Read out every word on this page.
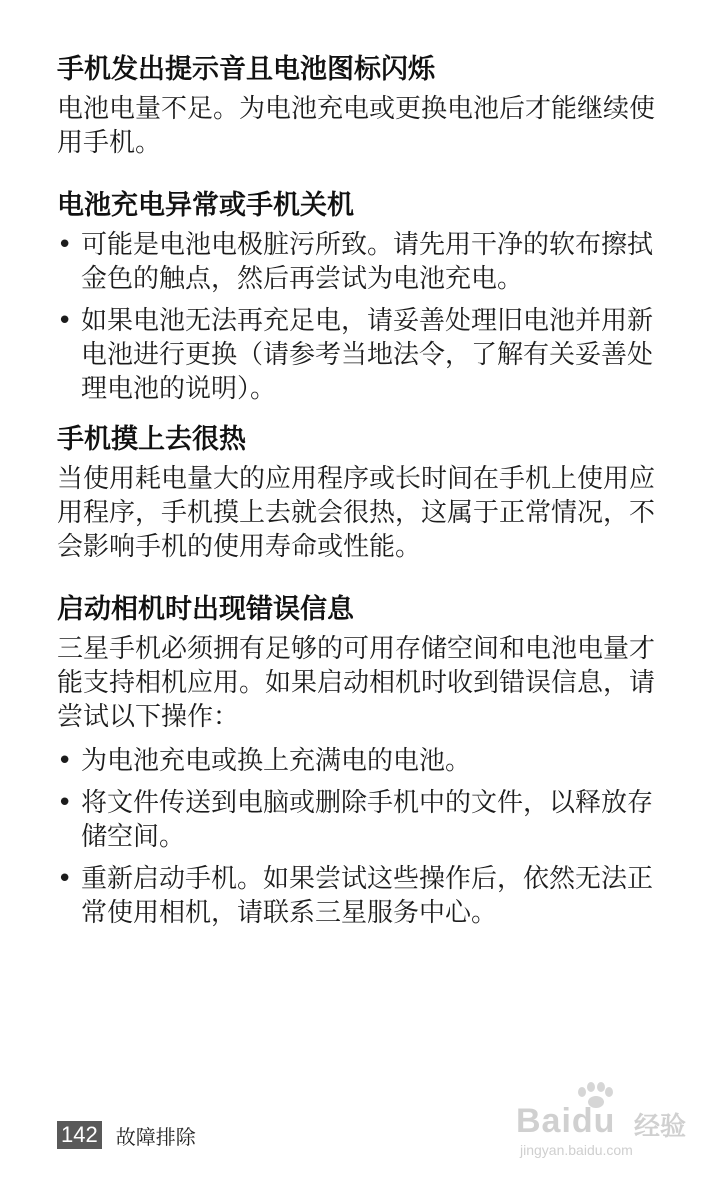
手机发出提示音且电池图标闪烁

电池电量不足。为电池充电或更换电池后才能继续使用手机。

电池充电异常或手机关机
• 可能是电池电极脏污所致。请先用干净的软布擦拭金色的触点，然后再尝试为电池充电。
• 如果电池无法再充足电，请妥善处理旧电池并用新电池进行更换（请参考当地法令，了解有关妥善处理电池的说明）。
手机摸上去很热

当使用耗电量大的应用程序或长时间在手机上使用应用程序，手机摸上去就会很热，这属于正常情况，不会影响手机的使用寿命或性能。

启动相机时出现错误信息

三星手机必须拥有足够的可用存储空间和电池电量才能支持相机应用。如果启动相机时收到错误信息，请尝试以下操作：

• 为电池充电或换上充满电的电池。
• 将文件传送到电脑或删除手机中的文件，以释放存储空间。
• 重新启动手机。如果尝试这些操作后，依然无法正常使用相机，请联系三星服务中心。
142 故障排除	Baidu 经验
jingyan.baidu.com
